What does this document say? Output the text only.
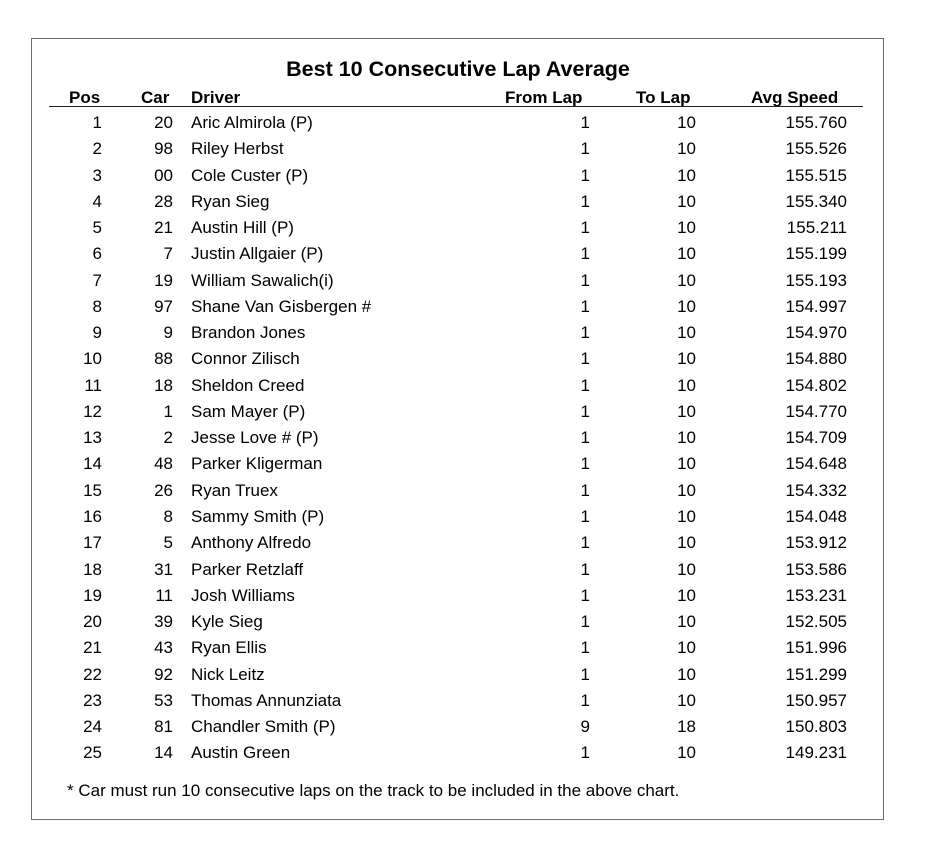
Best 10 Consecutive Lap Average
Pos Car Driver	From Lap	To Lap	Avg Speed
1	20 Aric Almirola (P)	1	10	155.760
2	98 Riley Herbst	1	10	155.526
3	00 Cole Custer (P)	1	10	155.515
4	28 Ryan Sieg	1	10	155.340
5	21 Austin Hill (P)	1	10	155.211
6	7 Justin Allgaier (P)	1	10	155.199
7	19 William Sawalich(i)	1	10	155.193
8	97 Shane Van Gisbergen #	1	10	154.997
9	9 Brandon Jones	1	10	154.970
10	88 Connor Zilisch	1	10	154.880
11	18 Sheldon Creed	1	10	154.802
12	1 Sam Mayer (P)	1	10	154.770
13	2 Jesse Love # (P)	1	10	154.709
14	48 Parker Kligerman	1	10	154.648
15	26 Ryan Truex	1	10	154.332
16	8 Sammy Smith (P)	1	10	154.048
17	5 Anthony Alfredo	1	10	153.912
18	31 Parker Retzlaff	1	10	153.586
19	11 Josh Williams	1	10	153.231
20	39 Kyle Sieg	1	10	152.505
21	43 Ryan Ellis	1	10	151.996
22	92 Nick Leitz	1	10	151.299
23	53 Thomas Annunziata	1	10	150.957
24	81 Chandler Smith (P)	9	18	150.803
25	14 Austin Green	1	10	149.231
* Car must run 10 consecutive laps on the track to be included in the above chart.
